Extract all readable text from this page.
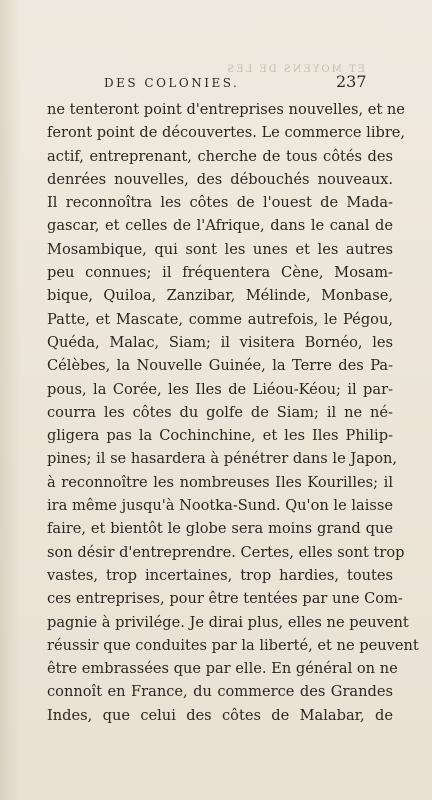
ET MOYENS DE LES
DES COLONIES.	237
ne tenteront point d'entreprises nouvelles, et ne
feront point de découvertes. Le commerce libre,
actif, entreprenant, cherche de tous côtés des
denrées nouvelles, des débouchés nouveaux.
Il reconnoîtra les côtes de l'ouest de Mada-
gascar, et celles de l'Afrique, dans le canal de
Mosambique, qui sont les unes et les autres
peu connues; il fréquentera Cène, Mosam-
bique, Quiloa, Zanzibar, Mélinde, Monbase,
Patte, et Mascate, comme autrefois, le Pégou,
Quéda, Malac, Siam; il visitera Bornéo, les
Célèbes, la Nouvelle Guinée, la Terre des Pa-
pous, la Corée, les Iles de Liéou-Kéou; il par-
courra les côtes du golfe de Siam; il ne né-
gligera pas la Cochinchine, et les Iles Philip-
pines; il se hasardera à pénétrer dans le Japon,
à reconnoître les nombreuses Iles Kourilles; il
ira même jusqu'à Nootka-Sund. Qu'on le laisse
faire, et bientôt le globe sera moins grand que
son désir d'entreprendre. Certes, elles sont trop
vastes, trop incertaines, trop hardies, toutes
ces entreprises, pour être tentées par une Com-
pagnie à privilége. Je dirai plus, elles ne peuvent
réussir que conduites par la liberté, et ne peuvent
être embrassées que par elle. En général on ne
connoît en France, du commerce des Grandes
Indes, que celui des côtes de Malabar, de
